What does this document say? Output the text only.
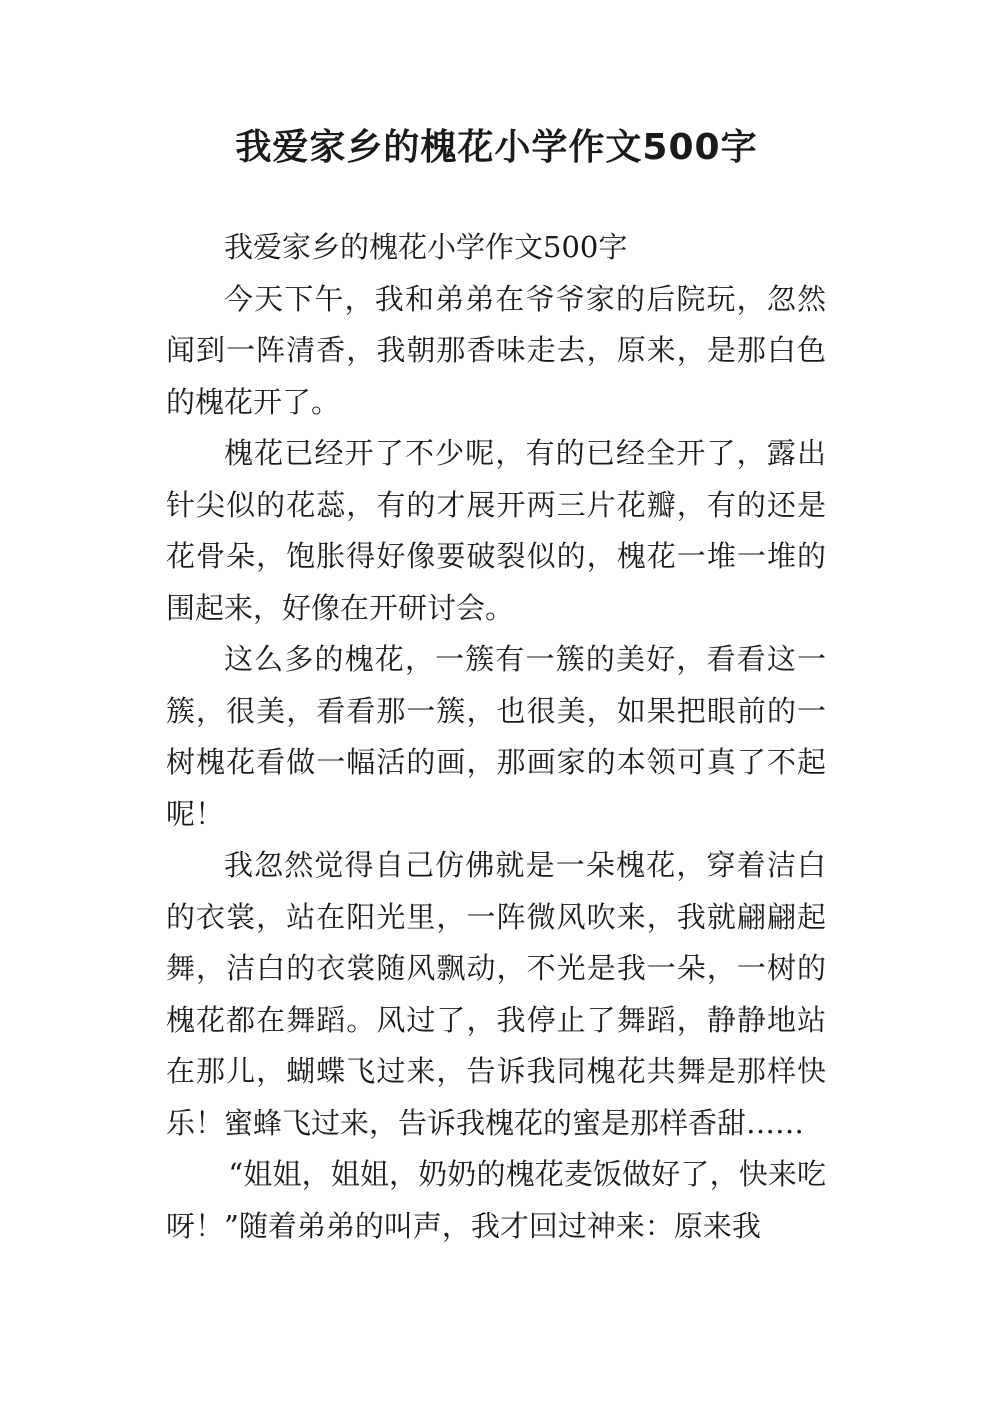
我爱家乡的槐花小学作文500字

我爱家乡的槐花小学作文500字

今天下午，我和弟弟在爷爷家的后院玩，忽然闻到一阵清香，我朝那香味走去，原来，是那白色的槐花开了。

槐花已经开了不少呢，有的已经全开了，露出针尖似的花蕊，有的才展开两三片花瓣，有的还是花骨朵，饱胀得好像要破裂似的，槐花一堆一堆的围起来，好像在开研讨会。

这么多的槐花，一簇有一簇的美好，看看这一簇，很美，看看那一簇，也很美，如果把眼前的一树槐花看做一幅活的画，那画家的本领可真了不起呢！

我忽然觉得自己仿佛就是一朵槐花，穿着洁白的衣裳，站在阳光里，一阵微风吹来，我就翩翩起舞，洁白的衣裳随风飘动，不光是我一朵，一树的槐花都在舞蹈。风过了，我停止了舞蹈，静静地站在那儿，蝴蝶飞过来，告诉我同槐花共舞是那样快乐！蜜蜂飞过来，告诉我槐花的蜜是那样香甜……

“姐姐，姐姐，奶奶的槐花麦饭做好了，快来吃呀！”随着弟弟的叫声，我才回过神来：原来我
